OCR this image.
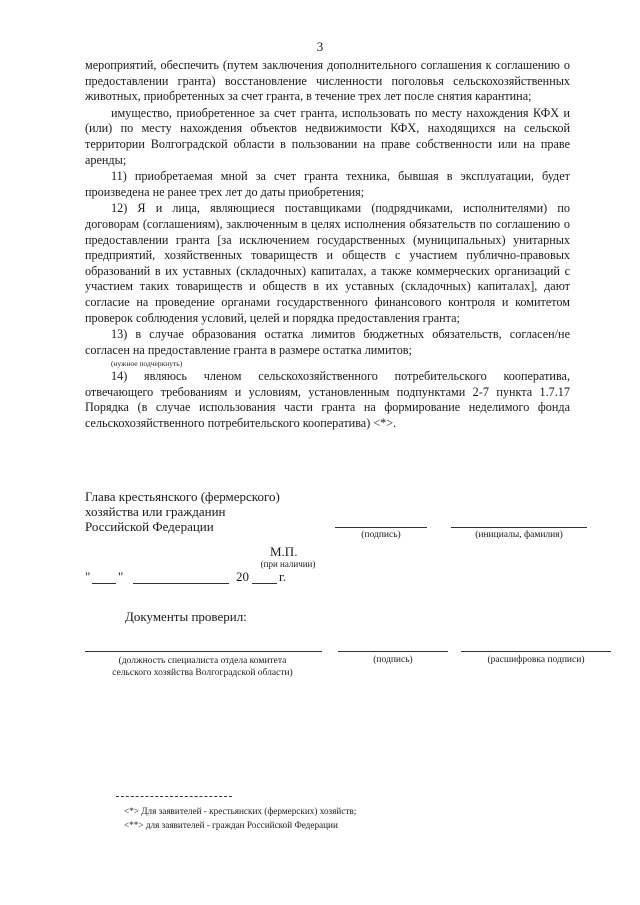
3

мероприятий, обеспечить (путем заключения дополнительного соглашения к соглашению о предоставлении гранта) восстановление численности поголовья сельскохозяйственных животных, приобретенных за счет гранта, в течение трех лет после снятия карантина;

имущество, приобретенное за счет гранта, использовать по месту нахождения КФХ и (или) по месту нахождения объектов недвижимости КФХ, находящихся на сельской территории Волгоградской области в пользовании на праве собственности или на праве аренды;

11) приобретаемая мной за счет гранта техника, бывшая в эксплуатации, будет произведена не ранее трех лет до даты приобретения;

12) Я и лица, являющиеся поставщиками (подрядчиками, исполнителями) по договорам (соглашениям), заключенным в целях исполнения обязательств по соглашению о предоставлении гранта [за исключением государственных (муниципальных) унитарных предприятий, хозяйственных товариществ и обществ с участием публично-правовых образований в их уставных (складочных) капиталах, а также коммерческих организаций с участием таких товариществ и обществ в их уставных (складочных) капиталах], дают согласие на проведение органами государственного финансового контроля и комитетом проверок соблюдения условий, целей и порядка предоставления гранта;

13) в случае образования остатка лимитов бюджетных обязательств, согласен/не согласен на предоставление гранта в размере остатка лимитов;

(нужное подчеркнуть)

14) являюсь членом сельскохозяйственного потребительского кооператива, отвечающего требованиям и условиям, установленным подпунктами 2-7 пункта 1.7.17 Порядка (в случае использования части гранта на формирование неделимого фонда сельскохозяйственного потребительского кооператива) <*>.

Глава крестьянского (фермерского)
хозяйства или гражданин
Российской Федерации
(подпись)	(инициалы, фамилия)
М.П.
(при наличии)
" "	20 г.
Документы проверил:
(должность специалиста отдела комитета сельского хозяйства Волгоградской области)
(подпись)	(расшифровка подписи)
<*> Для заявителей - крестьянских (фермерских) хозяйств;
<**> для заявителей - граждан Российской Федерации
